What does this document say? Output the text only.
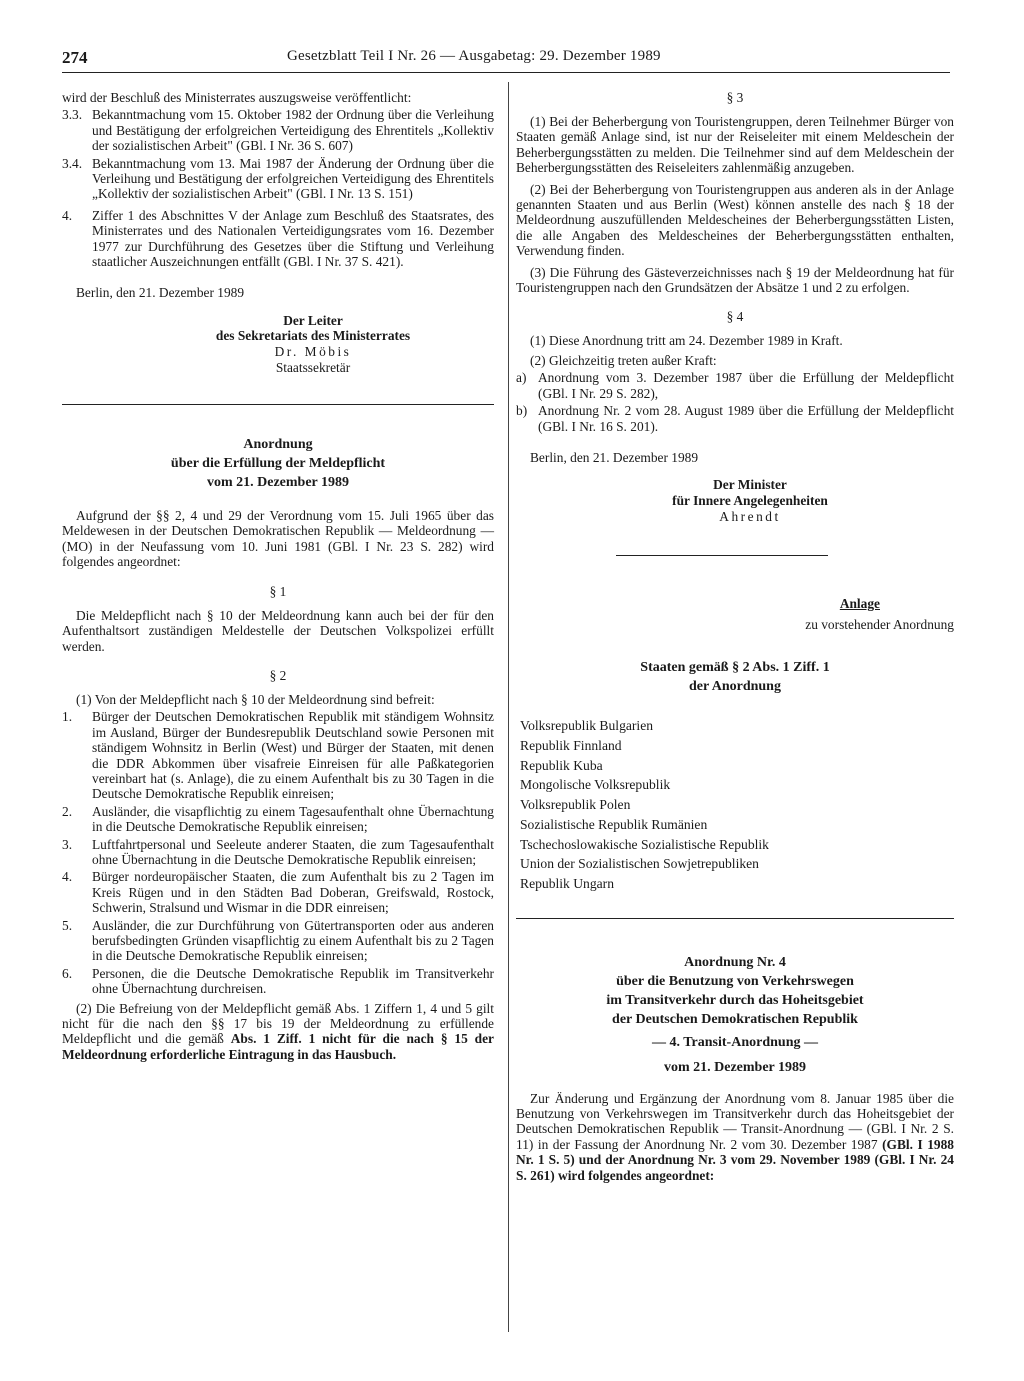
274	Gesetzblatt Teil I Nr. 26 — Ausgabetag: 29. Dezember 1989

wird der Beschluß des Ministerrates auszugsweise veröffentlicht:

3.3. Bekanntmachung vom 15. Oktober 1982 der Ordnung über die Verleihung und Bestätigung der erfolgreichen Verteidigung des Ehrentitels „Kollektiv der sozialistischen Arbeit" (GBl. I Nr. 36 S. 607)
3.4. Bekanntmachung vom 13. Mai 1987 der Änderung der Ordnung über die Verleihung und Bestätigung der erfolgreichen Verteidigung des Ehrentitels „Kollektiv der sozialistischen Arbeit" (GBl. I Nr. 13 S. 151)
4.	Ziffer 1 des Abschnittes V der Anlage zum Beschluß des Staatsrates, des Ministerrates und des Nationalen Verteidigungsrates vom 16. Dezember 1977 zur Durchführung des Gesetzes über die Stiftung und Verleihung staatlicher Auszeichnungen entfällt (GBl. I Nr. 37 S. 421).

Berlin, den 21. Dezember 1989

Der Leiter

des Sekretariats des Ministerrates

Dr. Möbis

Staatssekretär

Anordnung

über die Erfüllung der Meldepflicht

vom 21. Dezember 1989

Aufgrund der §§ 2, 4 und 29 der Verordnung vom 15. Juli 1965 über das Meldewesen in der Deutschen Demokratischen Republik — Meldeordnung — (MO) in der Neufassung vom 10. Juni 1981 (GBl. I Nr. 23 S. 282) wird folgendes angeordnet:

§ 1

Die Meldepflicht nach § 10 der Meldeordnung kann auch bei der für den Aufenthaltsort zuständigen Meldestelle der Deutschen Volkspolizei erfüllt werden.

§ 2

(1) Von der Meldepflicht nach § 10 der Meldeordnung sind befreit:

1.	Bürger der Deutschen Demokratischen Republik mit ständigem Wohnsitz im Ausland, Bürger der Bundesrepublik Deutschland sowie Personen mit ständigem Wohnsitz in Berlin (West) und Bürger der Staaten, mit denen die DDR Abkommen über visafreie Einreisen für alle Paßkategorien vereinbart hat (s. Anlage), die zu einem Aufenthalt bis zu 30 Tagen in die Deutsche Demokratische Republik einreisen;
2.	Ausländer, die visapflichtig zu einem Tagesaufenthalt ohne Übernachtung in die Deutsche Demokratische Republik einreisen;
3.	Luftfahrtpersonal und Seeleute anderer Staaten, die zum Tagesaufenthalt ohne Übernachtung in die Deutsche Demokratische Republik einreisen;
4.	Bürger nordeuropäischer Staaten, die zum Aufenthalt bis zu 2 Tagen im Kreis Rügen und in den Städten Bad Doberan, Greifswald, Rostock, Schwerin, Stralsund und Wismar in die DDR einreisen;
5.	Ausländer, die zur Durchführung von Gütertransporten oder aus anderen berufsbedingten Gründen visapflichtig zu einem Aufenthalt bis zu 2 Tagen in die Deutsche Demokratische Republik einreisen;
6.	Personen, die die Deutsche Demokratische Republik im Transitverkehr ohne Übernachtung durchreisen.

(2) Die Befreiung von der Meldepflicht gemäß Abs. 1 Ziffern 1, 4 und 5 gilt nicht für die nach den §§ 17 bis 19 der Meldeordnung zu erfüllende Meldepflicht und die gemäß Abs. 1 Ziff. 1 nicht für die nach § 15 der Meldeordnung erforderliche Eintragung in das Hausbuch.

§ 3

(1) Bei der Beherbergung von Touristengruppen, deren Teilnehmer Bürger von Staaten gemäß Anlage sind, ist nur der Reiseleiter mit einem Meldeschein der Beherbergungsstätten zu melden. Die Teilnehmer sind auf dem Meldeschein der Beherbergungsstätten des Reiseleiters zahlenmäßig anzugeben.

(2) Bei der Beherbergung von Touristengruppen aus anderen als in der Anlage genannten Staaten und aus Berlin (West) können anstelle des nach § 18 der Meldeordnung auszufüllenden Meldescheines der Beherbergungsstätten Listen, die alle Angaben des Meldescheines der Beherbergungsstätten enthalten, Verwendung finden.

(3) Die Führung des Gästeverzeichnisses nach § 19 der Meldeordnung hat für Touristengruppen nach den Grundsätzen der Absätze 1 und 2 zu erfolgen.

§ 4

(1) Diese Anordnung tritt am 24. Dezember 1989 in Kraft.

(2) Gleichzeitig treten außer Kraft:

a) Anordnung vom 3. Dezember 1987 über die Erfüllung der Meldepflicht (GBl. I Nr. 29 S. 282),
b) Anordnung Nr. 2 vom 28. August 1989 über die Erfüllung der Meldepflicht (GBl. I Nr. 16 S. 201).

Berlin, den 21. Dezember 1989

Der Minister

für Innere Angelegenheiten

Ahrendt

Anlage

zu vorstehender Anordnung

Staaten gemäß § 2 Abs. 1 Ziff. 1

der Anordnung

Volksrepublik Bulgarien

Republik Finnland

Republik Kuba

Mongolische Volksrepublik

Volksrepublik Polen

Sozialistische Republik Rumänien

Tschechoslowakische Sozialistische Republik

Union der Sozialistischen Sowjetrepubliken

Republik Ungarn

Anordnung Nr. 4

über die Benutzung von Verkehrswegen

im Transitverkehr durch das Hoheitsgebiet

der Deutschen Demokratischen Republik

— 4. Transit-Anordnung —

vom 21. Dezember 1989

Zur Änderung und Ergänzung der Anordnung vom 8. Januar 1985 über die Benutzung von Verkehrswegen im Transitverkehr durch das Hoheitsgebiet der Deutschen Demokratischen Republik — Transit-Anordnung — (GBl. I Nr. 2 S. 11) in der Fassung der Anordnung Nr. 2 vom 30. Dezember 1987 (GBl. I 1988 Nr. 1 S. 5) und der Anordnung Nr. 3 vom 29. November 1989 (GBl. I Nr. 24 S. 261) wird folgendes angeordnet:
